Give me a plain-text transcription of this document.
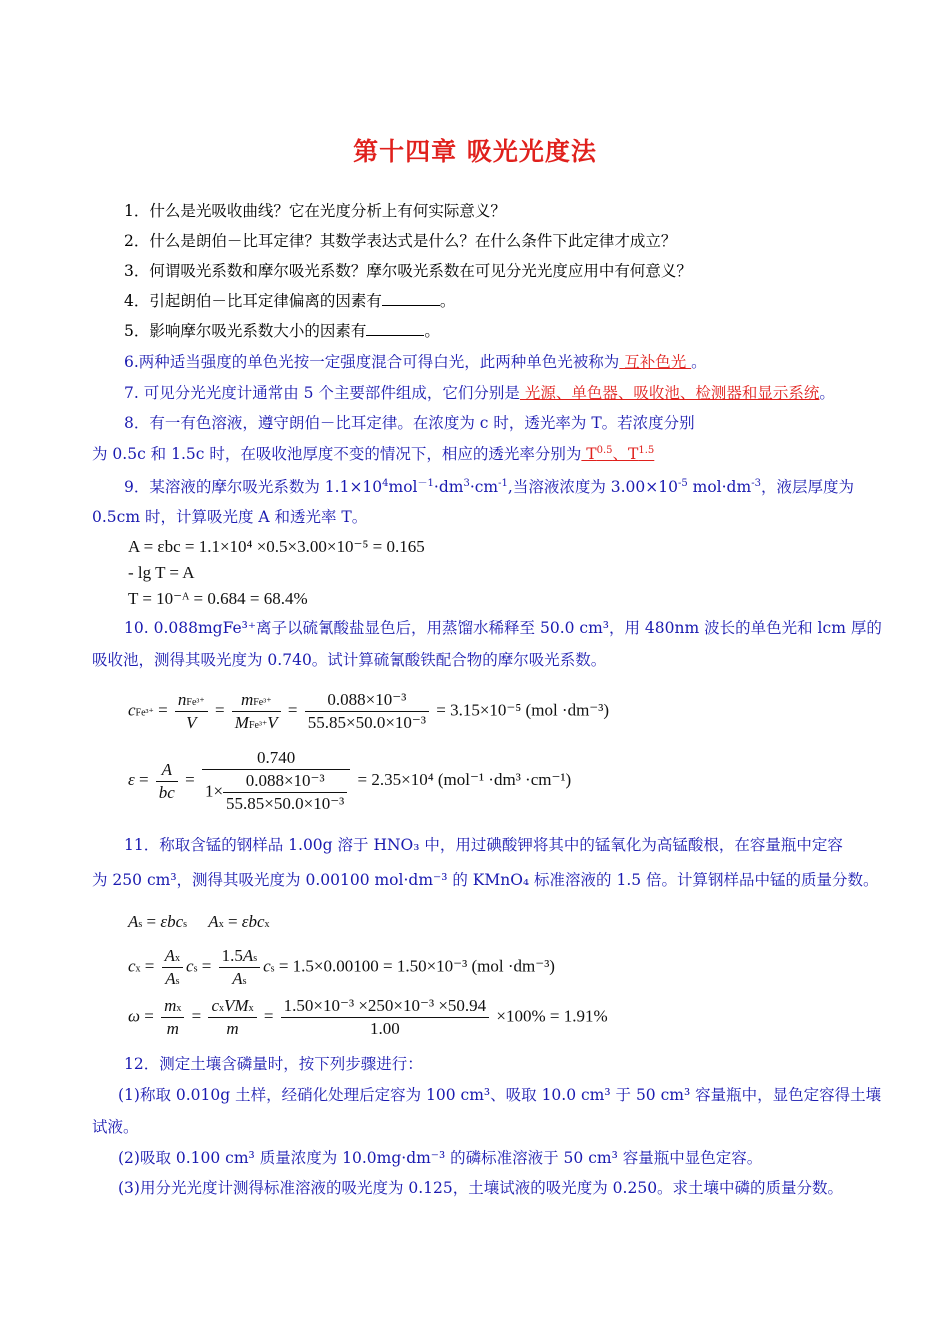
第十四章 吸光光度法
1．什么是光吸收曲线？它在光度分析上有何实际意义？
2．什么是朗伯－比耳定律？其数学表达式是什么？在什么条件下此定律才成立？
3．何谓吸光系数和摩尔吸光系数？摩尔吸光系数在可见分光光度应用中有何意义？
4．引起朗伯－比耳定律偏离的因素有	。
5．影响摩尔吸光系数大小的因素有	。
6.两种适当强度的单色光按一定强度混合可得白光，此两种单色光被称为 互补色光 。
7. 可见分光光度计通常由 5 个主要部件组成，它们分别是 光源、单色器、吸收池、检测器和显示系统。
8．有一有色溶液，遵守朗伯－比耳定律。在浓度为 c 时，透光率为 T。若浓度分别
为 0.5c 和 1.5c 时，在吸收池厚度不变的情况下，相应的透光率分别为 $T^{0.5}$、$T^{1.5}$
9．某溶液的摩尔吸光系数为 $1.1\times 10^4mol^{-1}\cdot dm^3\cdot cm^{-1}$,当溶液浓度为 $3.00\times 10^{-5}$ $mol\cdot dm^{-3}$，液层厚度为
0.5cm 时，计算吸光度 A 和透光率 T。
A = εbc = 1.1×10⁴ ×0.5×3.00×10⁻⁵ = 0.165
- lg T = A
T = 10⁻ᴬ = 0.684 = 68.4%
10. 0.088mgFe³⁺离子以硫氰酸盐显色后，用蒸馏水稀释至 50.0 cm³，用 480nm 波长的单色光和 lcm 厚的
吸收池，测得其吸光度为 0.740。试计算硫氰酸铁配合物的摩尔吸光系数。
$cFe^{3+} = \frac{\text{nFe³⁺}}{V} = \frac{\text{mFe³⁺}}{\text{MFe³⁺V}} = \frac{\text{0.088×10⁻³}}{\text{55.85×50.0×10⁻³}} = 3.15\times 10^{-5}$ (mol ·dm⁻³)
$\varepsilon = \frac{A}{bc} = \frac{0.740}{1\times \frac{\text{0.088×10⁻³}}{\text{55.85×50.0×10⁻³}}} = 2.35\times 10^4$ (mol⁻¹ ·dm³ ·cm⁻¹)
11．称取含锰的钢样品 1.00g 溶于 HNO₃ 中，用过碘酸钾将其中的锰氧化为高锰酸根，在容量瓶中定容
为 250 cm³，测得其吸光度为 0.00100 mol·dm⁻³ 的 KMnO₄ 标准溶液的 1.5 倍。计算钢样品中锰的质量分数。
As = εbcs Ax = εbcx
cx = $\frac{Ax}{As}$ cs = $\frac{1.5As}{As}$ cs = 1.5×0.00100 = 1.50×10⁻³ (mol ·dm⁻³)
$\omega = \frac{mx}{m} = \frac{\text{cxVMx}}{m} = \frac{\text{1.50×10⁻³ ×250×10⁻³ ×50.94}}{1.00} \times 100\% = 1.91\%$
12．测定土壤含磷量时，按下列步骤进行：
(1)称取 0.010g 土样，经硝化处理后定容为 100 cm³、吸取 10.0 cm³ 于 50 cm³ 容量瓶中，显色定容得土壤
试液。
(2)吸取 0.100 cm³ 质量浓度为 10.0mg·dm⁻³ 的磷标准溶液于 50 cm³ 容量瓶中显色定容。
(3)用分光光度计测得标准溶液的吸光度为 0.125，土壤试液的吸光度为 0.250。求土壤中磷的质量分数。
